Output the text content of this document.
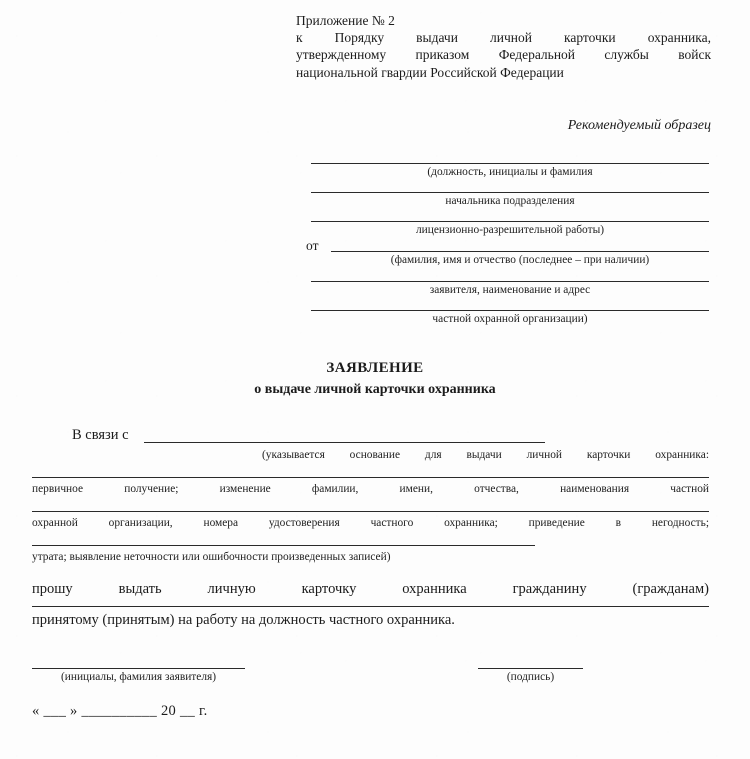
Приложение № 2
к Порядку выдачи личной карточки охранника,
утвержденному приказом Федеральной службы войск
национальной гвардии Российской Федерации
Рекомендуемый образец
(должность, инициалы и фамилия
начальника подразделения
лицензионно-разрешительной работы)
от
(фамилия, имя и отчество (последнее – при наличии)
заявителя, наименование и адрес
частной охранной организации)
ЗАЯВЛЕНИЕ
о выдаче личной карточки охранника
В связи с
(указывается основание для выдачи личной карточки охранника:
первичное получение; изменение фамилии, имени, отчества, наименования частной
охранной организации, номера удостоверения частного охранника; приведение в негодность;
утрата; выявление неточности или ошибочности произведенных записей)
прошу выдать личную карточку охранника гражданину (гражданам)
принятому (принятым) на работу на должность частного охранника.
(инициалы, фамилия заявителя)	(подпись)
« ___ » __________ 20 __ г.
